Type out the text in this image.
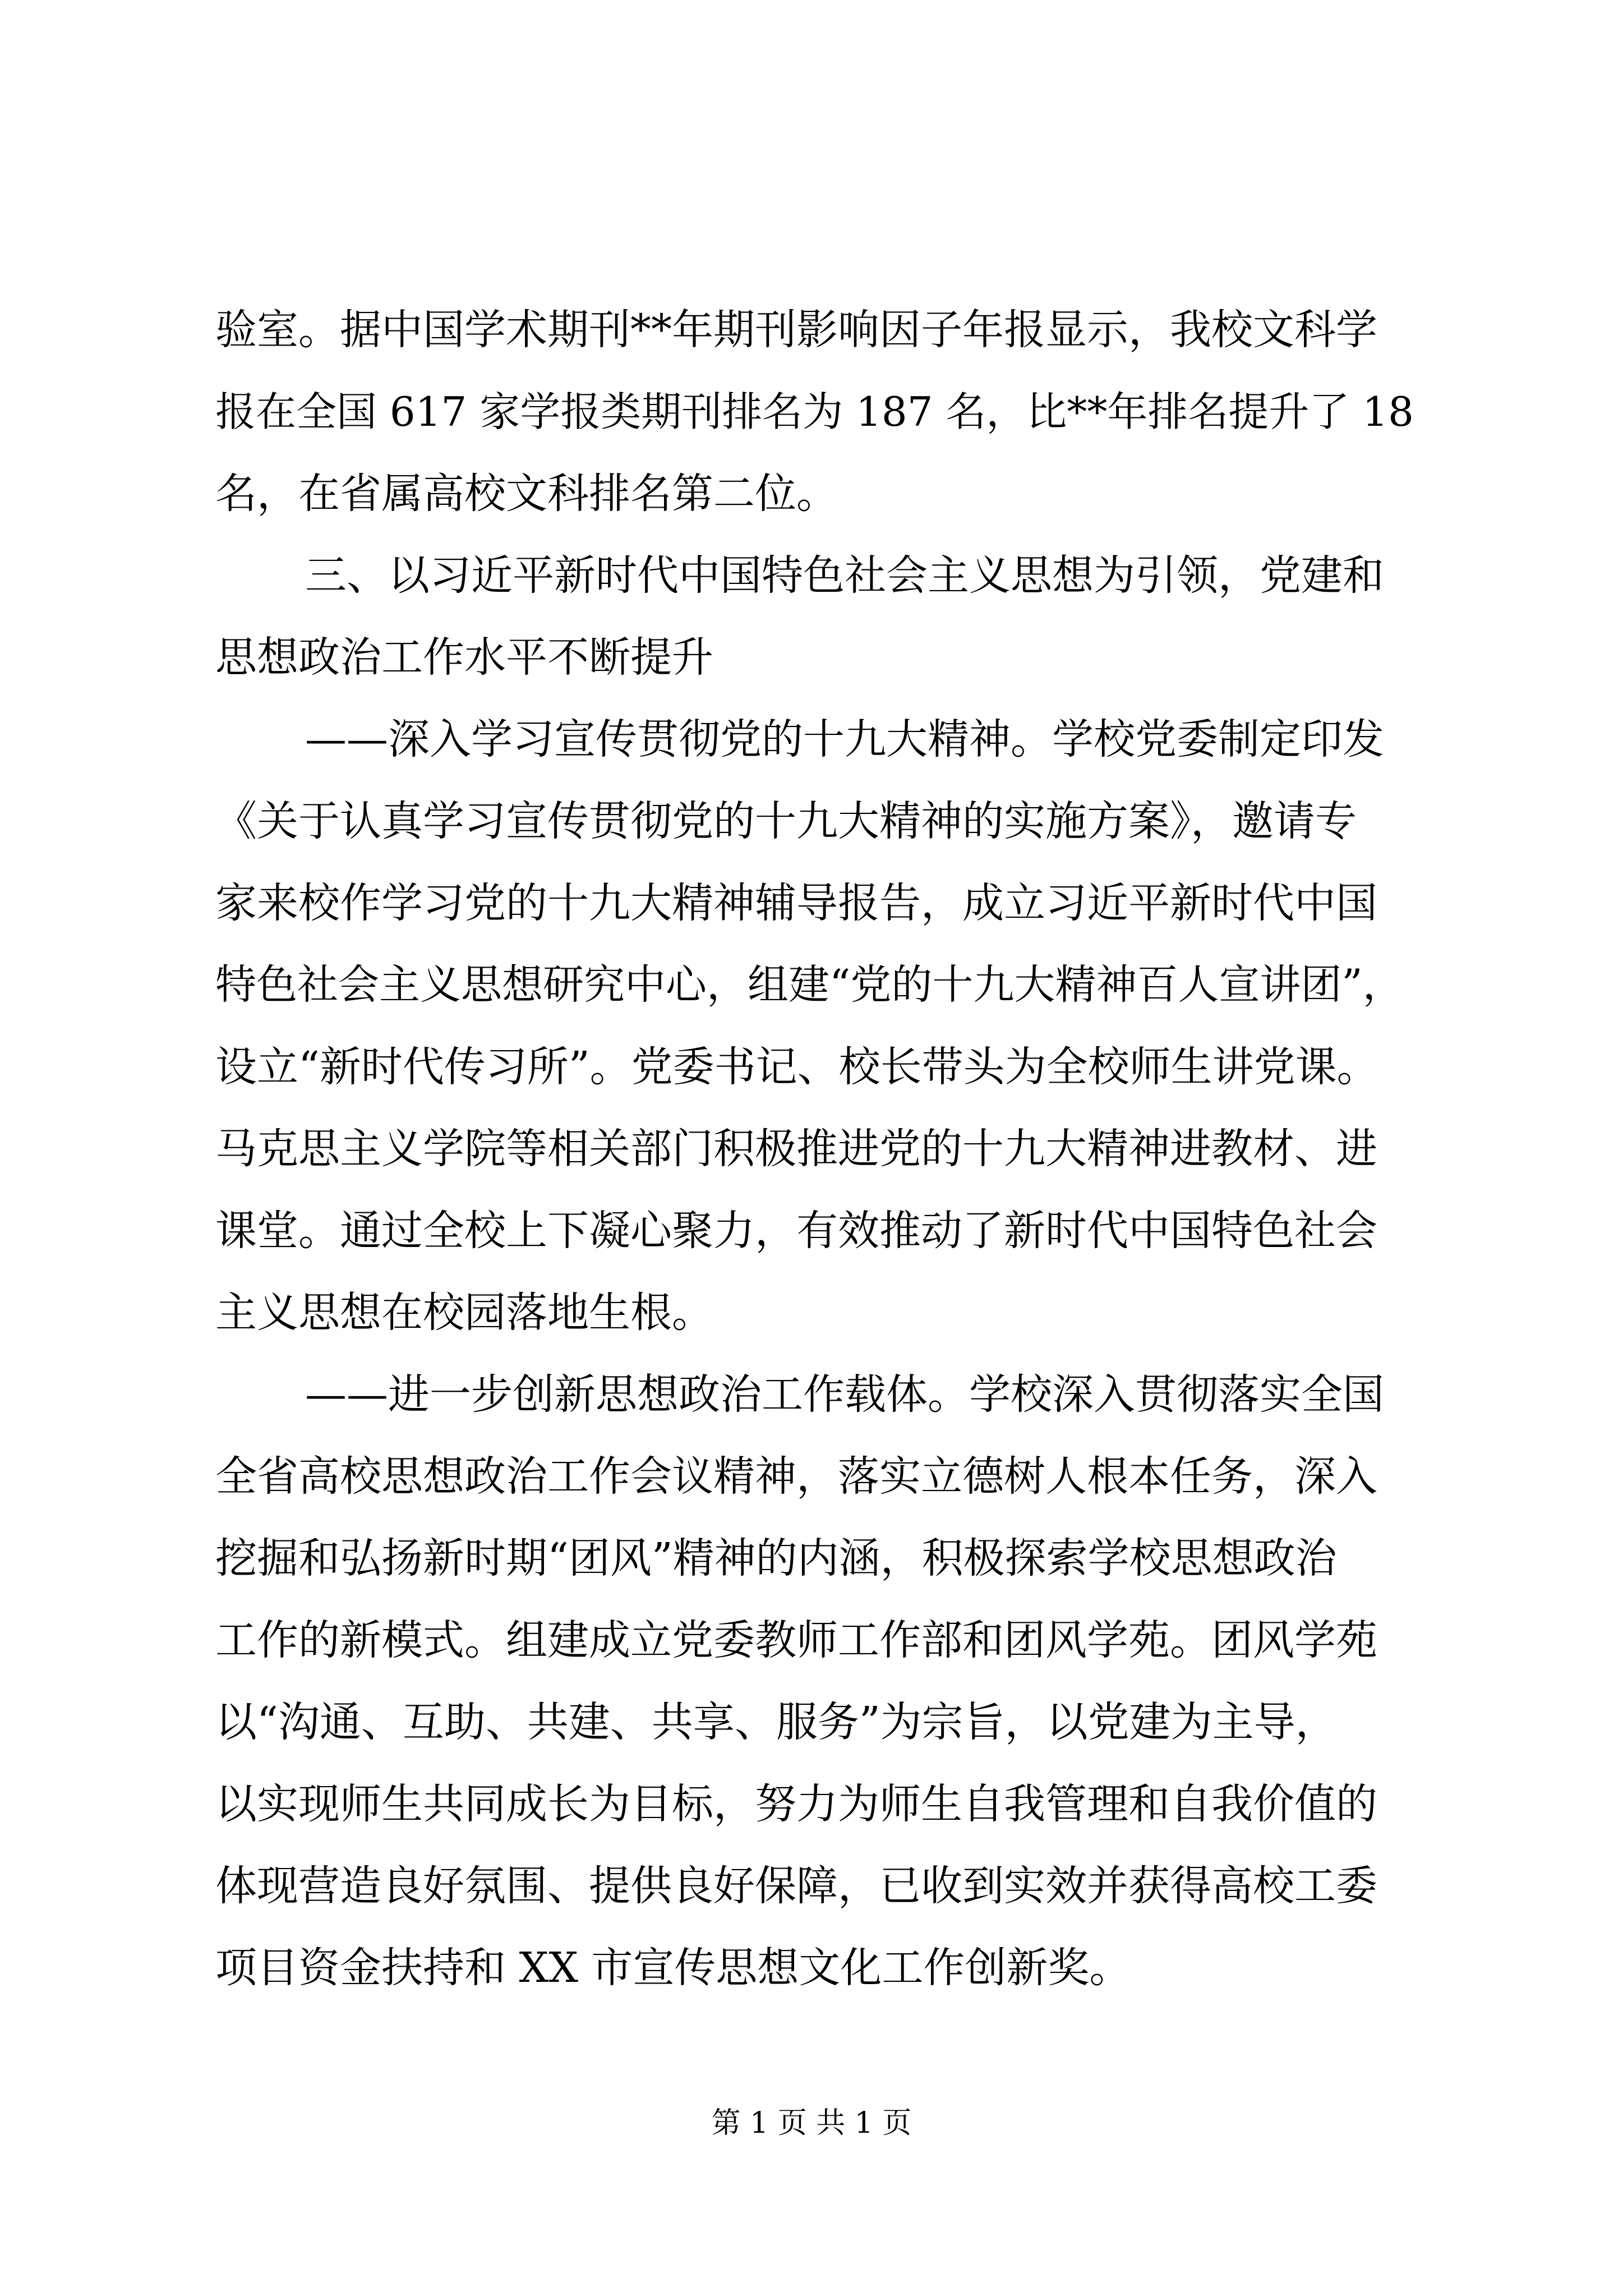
验室。据中国学术期刊**年期刊影响因子年报显示，我校文科学
报在全国 617 家学报类期刊排名为 187 名，比**年排名提升了 18
名，在省属高校文科排名第二位。
三、以习近平新时代中国特色社会主义思想为引领，党建和
思想政治工作水平不断提升
——深入学习宣传贯彻党的十九大精神。学校党委制定印发
《关于认真学习宣传贯彻党的十九大精神的实施方案》，邀请专
家来校作学习党的十九大精神辅导报告，成立习近平新时代中国
特色社会主义思想研究中心，组建“党的十九大精神百人宣讲团”，
设立“新时代传习所”。党委书记、校长带头为全校师生讲党课。
马克思主义学院等相关部门积极推进党的十九大精神进教材、进
课堂。通过全校上下凝心聚力，有效推动了新时代中国特色社会
主义思想在校园落地生根。
——进一步创新思想政治工作载体。学校深入贯彻落实全国
全省高校思想政治工作会议精神，落实立德树人根本任务，深入
挖掘和弘扬新时期“团风”精神的内涵，积极探索学校思想政治
工作的新模式。组建成立党委教师工作部和团风学苑。团风学苑
以“沟通、互助、共建、共享、服务”为宗旨，以党建为主导，
以实现师生共同成长为目标，努力为师生自我管理和自我价值的
体现营造良好氛围、提供良好保障，已收到实效并获得高校工委
项目资金扶持和 XX 市宣传思想文化工作创新奖。
第 1 页 共 1 页
